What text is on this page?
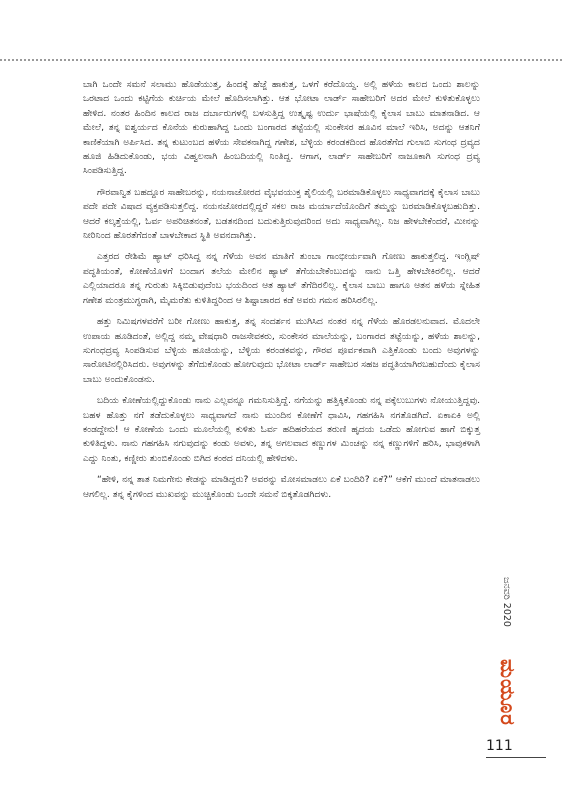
ಬಾಗಿ ಒಂದೇ ಸಮನೆ ಸಲಾಮು ಹೊಡೆಯುತ್ತ, ಹಿಂದಕ್ಕೆ ಹೆಜ್ಜೆ ಹಾಕುತ್ತ, ಒಳಗೆ ಕರೆದೊಯ್ದ. ಅಲ್ಲಿ ಹಳೆಯ ಕಾಲದ ಒಂದು ಶಾಲನ್ನು ಒರಟಾದ ಒಂದು ಕಟ್ಟಿಗೆಯ ಕುರ್ಚಿಯ ಮೇಲೆ ಹೊದಿಸಲಾಗಿತ್ತು. ಆತ ಭೋಟಾ ಲಾರ್ಡ್ ಸಾಹೇಬರಿಗೆ ಅದರ ಮೇಲೆ ಕುಳಿತುಕೊಳ್ಳಲು ಹೇಳಿದ. ನಂತರ ಹಿಂದಿನ ಕಾಲದ ರಾಜ ದರ್ಬಾರುಗಳಲ್ಲಿ ಬಳಸುತ್ತಿದ್ದ ಉತ್ಕೃಷ್ಟ ಉರ್ದು ಭಾಷೆಯಲ್ಲಿ ಕೈಲಾಸ ಬಾಬು ಮಾತನಾಡಿದ. ಆ ಮೇಲೆ, ತನ್ನ ಐಶ್ವರ್ಯದ ಕೊನೆಯ ಕುರುಹಾಗಿದ್ದ ಒಂದು ಬಂಗಾರದ ತಟ್ಟೆಯಲ್ಲಿ ಸುಂಕೇಸರ ಹೂವಿನ ಮಾಲೆ ಇರಿಸಿ, ಅದನ್ನು ಆತನಿಗೆ ಕಾಣಿಕೆಯಾಗಿ ಅರ್ಪಿಸಿದ. ತನ್ನ ಕುಟುಂಬದ ಹಳೆಯ ಸೇವಕನಾಗಿದ್ದ ಗಣೇಶ, ಬೆಳ್ಳಿಯ ಕರಂಡಕದಿಂದ ಹೊರತೆಗೆದ ಗುಲಾಬಿ ಸುಗಂಧ ದ್ರವ್ಯದ ಹೂಜಿ ಹಿಡಿದುಕೊಂಡು, ಭಯ ವಿಹ್ವಲನಾಗಿ ಹಿಂಬದಿಯಲ್ಲಿ ನಿಂತಿದ್ದ. ಆಗಾಗ, ಲಾರ್ಡ್ ಸಾಹೇಬರಿಗೆ ನಾಜೂಕಾಗಿ ಸುಗಂಧ ದ್ರವ್ಯ ಸಿಂಪಡಿಸುತ್ತಿದ್ದ.

ಗೌರವಾನ್ವಿತ ಬಹದ್ದೂರ ಸಾಹೇಬರನ್ನು, ನಯನಾಜೋರದ ವೈಭವಯುಕ್ತ ಶೈಲಿಯಲ್ಲಿ ಬರಮಾಡಿಕೊಳ್ಳಲು ಸಾಧ್ಯವಾಗದಕ್ಕೆ ಕೈಲಾಸ ಬಾಬು ಪದೇ ಪದೇ ವಿಷಾದ ವ್ಯಕ್ತಪಡಿಸುತ್ತಲಿದ್ದ. ನಯನಜೋರದಲ್ಲಿದ್ದರೆ ಸಕಲ ರಾಜ ಮರ್ಯಾದೆಯೊಂದಿಗೆ ತಮ್ಮನ್ನು ಬರಮಾಡಿಕೊಳ್ಳಬಹುದಿತ್ತು. ಆದರೆ ಕಲ್ಕತ್ತೆಯಲ್ಲಿ, ಓರ್ವ ಅಪರಿಚಿತನಂತೆ, ಬಡತನದಿಂದ ಬದುಕುತ್ತಿರುವುದರಿಂದ ಅದು ಸಾಧ್ಯವಾಗಿಲ್ಲ. ನಿಜ ಹೇಳಬೇಕೆಂದರೆ, ಮೀನನ್ನು ನೀರಿನಿಂದ ಹೊರತೆಗೆದಂತೆ ಬಾಳಬೇಕಾದ ಸ್ಥಿತಿ ಅವನದಾಗಿತ್ತು.

ಎತ್ತರದ ರೇಶಿಮೆ ಹ್ಯಾಟ್ ಧರಿಸಿದ್ದ ನನ್ನ ಗೆಳೆಯ ಅವನ ಮಾತಿಗೆ ತುಂಬಾ ಗಾಂಭೀರ್ಯವಾಗಿ ಗೋಣು ಹಾಕುತ್ತಲಿದ್ದ. ಇಂಗ್ಲಿಷ್ ಪದ್ಧತಿಯಂತೆ, ಕೋಣೆಯೊಳಗೆ ಬಂದಾಗ ತಲೆಯ ಮೇಲಿನ ಹ್ಯಾಟ್ ತೆಗೆಯಬೇಕೆಂಬುದನ್ನು ನಾನು ಒತ್ತಿ ಹೇಳಬೇಕಿರಲಿಲ್ಲ. ಆದರೆ ಎಲ್ಲಿಯಾದರೂ ತನ್ನ ಗುರುತು ಸಿಕ್ಕಿಬಿಡುವುದೆಂಬ ಭಯದಿಂದ ಆತ ಹ್ಯಾಟ್ ತೆಗೆದಿರಲಿಲ್ಲ. ಕೈಲಾಸ ಬಾಬು ಹಾಗೂ ಆತನ ಹಳೆಯ ಸ್ನೇಹಿತ ಗಣೇಶ ಮಂತ್ರಮುಗ್ಧರಾಗಿ, ಮೈಮರೆತು ಕುಳಿತಿದ್ದರಿಂದ ಆ ಶಿಷ್ಟಾಚಾರದ ಕಡೆ ಅವರು ಗಮನ ಹರಿಸಿರಲಿಲ್ಲ.

ಹತ್ತು ನಿಮಿಷಗಳವರೆಗೆ ಬರೀ ಗೋಣು ಹಾಕುತ್ತ, ತನ್ನ ಸಂದರ್ಶನ ಮುಗಿಸಿದ ನಂತರ ನನ್ನ ಗೆಳೆಯ ಹೊರಡಲನುವಾದ. ಮೊದಲೇ ಉಪಾಯ ಹೂಡಿದಂತೆ, ಅಲ್ಲಿದ್ದ ನಮ್ಮ ವೇಷಧಾರಿ ರಾಜಸೇವಕರು, ಸುಂಕೇಸರ ಮಾಲೆಯನ್ನು, ಬಂಗಾರದ ತಟ್ಟೆಯನ್ನು, ಹಳೆಯ ಶಾಲನ್ನು, ಸುಗಂಧದ್ರವ್ಯ ಸಿಂಪಡಿಸುವ ಬೆಳ್ಳಿಯ ಹೂಜಿಯನ್ನು, ಬೆಳ್ಳಿಯ ಕರಂಡಕವನ್ನು, ಗೌರವ ಪೂರ್ವಕವಾಗಿ ಎತ್ತಿಕೊಂಡು ಬಂದು ಅವುಗಳನ್ನು ಸಾರೋಟಿನಲ್ಲಿರಿಸಿದರು. ಅವುಗಳನ್ನು ತೆಗೆದುಕೊಂಡು ಹೋಗುವುದು ಭೋಟಾ ಲಾರ್ಡ್ ಸಾಹೇಬರ ಸಹಜ ಪದ್ಧತಿಯಾಗಿರಬಹುದೆಂದು ಕೈಲಾಸ ಬಾಬು ಅಂದುಕೊಂಡನು.

ಬದಿಯ ಕೋಣೆಯಲ್ಲಿದ್ದುಕೊಂಡು ನಾನು ಎಲ್ಲವನ್ನೂ ಗಮನಿಸುತ್ತಿದ್ದೆ. ನಗೆಯನ್ನು ಹತ್ತಿಕ್ಕಿಕೊಂಡು ನನ್ನ ಪಕ್ಕೆಲುಬುಗಳು ನೋಯುತ್ತಿದ್ದವು. ಬಹಳ ಹೊತ್ತು ನಗೆ ತಡೆದುಕೊಳ್ಳಲು ಸಾಧ್ಯವಾಗದೆ ನಾನು ಮುಂದಿನ ಕೋಣೆಗೆ ಧಾವಿಸಿ, ಗಹಗಹಿಸಿ ನಗತೊಡಗಿದೆ. ಏಕಾಏಕಿ ಅಲ್ಲಿ ಕಂಡದ್ದೇನು! ಆ ಕೋಣೆಯ ಒಂದು ಮೂಲೆಯಲ್ಲಿ ಕುಳಿತು ಓರ್ವ ಹದಿಹರೆಯದ ತರುಣಿ ಹೃದಯ ಒಡೆದು ಹೋಗುವ ಹಾಗೆ ಬಿಕ್ಕುತ್ತ ಕುಳಿತಿದ್ದಳು. ನಾನು ಗಹಗಹಿಸಿ ನಗುವುದನ್ನು ಕಂಡು ಅವಳು, ತನ್ನ ಅಗಲವಾದ ಕಣ್ಣುಗಳ ಮಿಂಚನ್ನು ನನ್ನ ಕಣ್ಣುಗಳಿಗೆ ಹರಿಸಿ, ಭಾವುಕಳಾಗಿ ಎದ್ದು ನಿಂತು, ಕಣ್ಣೀರು ತುಂಬಿಕೊಂಡು ಬಿಗಿದ ಕಂಠದ ದನಿಯಲ್ಲಿ ಹೇಳಿದಳು.

“ಹೇಳಿ, ನನ್ನ ತಾತ ನಿಮಗೇನು ಕೇಡನ್ನು ಮಾಡಿದ್ದರು? ಅವರನ್ನು ಮೋಸಮಾಡಲು ಏಕೆ ಬಂದಿರಿ? ಏಕೆ?” ಆಕೆಗೆ ಮುಂದೆ ಮಾತನಾಡಲು ಆಗಲಿಲ್ಲ. ತನ್ನ ಕೈಗಳಿಂದ ಮುಖವನ್ನು ಮುಚ್ಚಿಕೊಂಡು ಒಂದೇ ಸಮನೆ ಬಿಕ್ಕತೊಡಗಿದಳು.

ಜನವರಿ 2020
ಮಯೂರ
111
